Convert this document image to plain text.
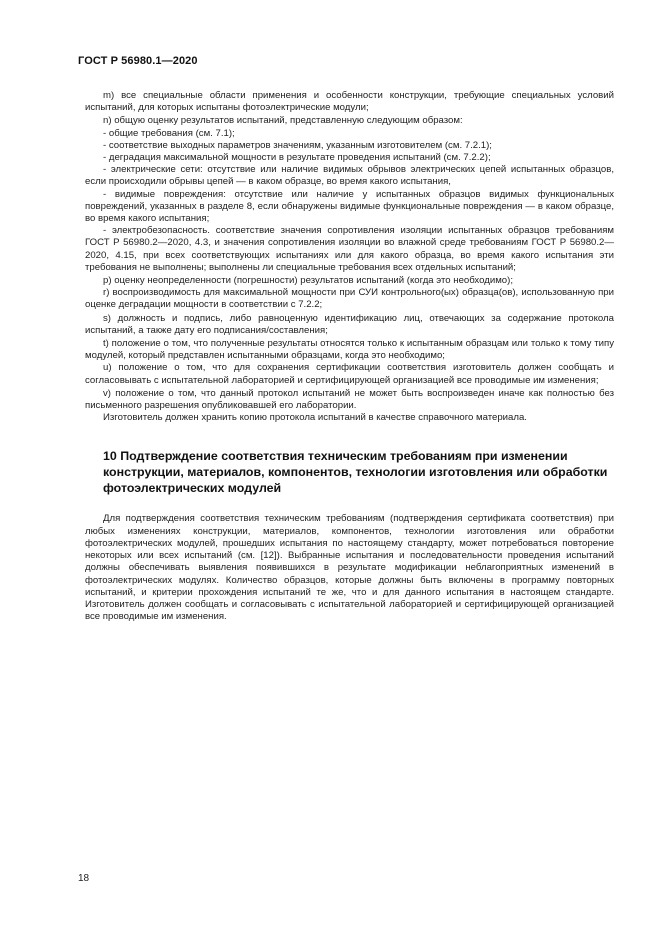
ГОСТ Р 56980.1—2020

m) все специальные области применения и особенности конструкции, требующие специальных условий испытаний, для которых испытаны фотоэлектрические модули;

n) общую оценку результатов испытаний, представленную следующим образом:

- общие требования (см. 7.1);

- соответствие выходных параметров значениям, указанным изготовителем (см. 7.2.1);

- деградация максимальной мощности в результате проведения испытаний (см. 7.2.2);

- электрические сети: отсутствие или наличие видимых обрывов электрических цепей испытанных образцов, если происходили обрывы цепей — в каком образце, во время какого испытания,

- видимые повреждения: отсутствие или наличие у испытанных образцов видимых функциональных повреждений, указанных в разделе 8, если обнаружены видимые функциональные повреждения — в каком образце, во время какого испытания;

- электробезопасность. соответствие значения сопротивления изоляции испытанных образцов требованиям ГОСТ Р 56980.2—2020, 4.3, и значения сопротивления изоляции во влажной среде требованиям ГОСТ Р 56980.2—2020, 4.15, при всех соответствующих испытаниях или для какого образца, во время какого испытания эти требования не выполнены; выполнены ли специальные требования всех отдельных испытаний;

p) оценку неопределенности (погрешности) результатов испытаний (когда это необходимо);

r) воспроизводимость для максимальной мощности при СУИ контрольного(ых) образца(ов), использованную при оценке деградации мощности в соответствии с 7.2.2;

s) должность и подпись, либо равноценную идентификацию лиц, отвечающих за содержание протокола испытаний, а также дату его подписания/составления;

t) положение о том, что полученные результаты относятся только к испытанным образцам или только к тому типу модулей, который представлен испытанными образцами, когда это необходимо;

u) положение о том, что для сохранения сертификации соответствия изготовитель должен сообщать и согласовывать с испытательной лабораторией и сертифицирующей организацией все проводимые им изменения;

v) положение о том, что данный протокол испытаний не может быть воспроизведен иначе как полностью без письменного разрешения опубликовавшей его лаборатории.

Изготовитель должен хранить копию протокола испытаний в качестве справочного материала.

10 Подтверждение соответствия техническим требованиям при изменении конструкции, материалов, компонентов, технологии изготовления или обработки фотоэлектрических модулей

Для подтверждения соответствия техническим требованиям (подтверждения сертификата соответствия) при любых изменениях конструкции, материалов, компонентов, технологии изготовления или обработки фотоэлектрических модулей, прошедших испытания по настоящему стандарту, может потребоваться повторение некоторых или всех испытаний (см. [12]). Выбранные испытания и последовательности проведения испытаний должны обеспечивать выявления появившихся в результате модификации неблагоприятных изменений в фотоэлектрических модулях. Количество образцов, которые должны быть включены в программу повторных испытаний, и критерии прохождения испытаний те же, что и для данного испытания в настоящем стандарте. Изготовитель должен сообщать и согласовывать с испытательной лабораторией и сертифицирующей организацией все проводимые им изменения.

18
